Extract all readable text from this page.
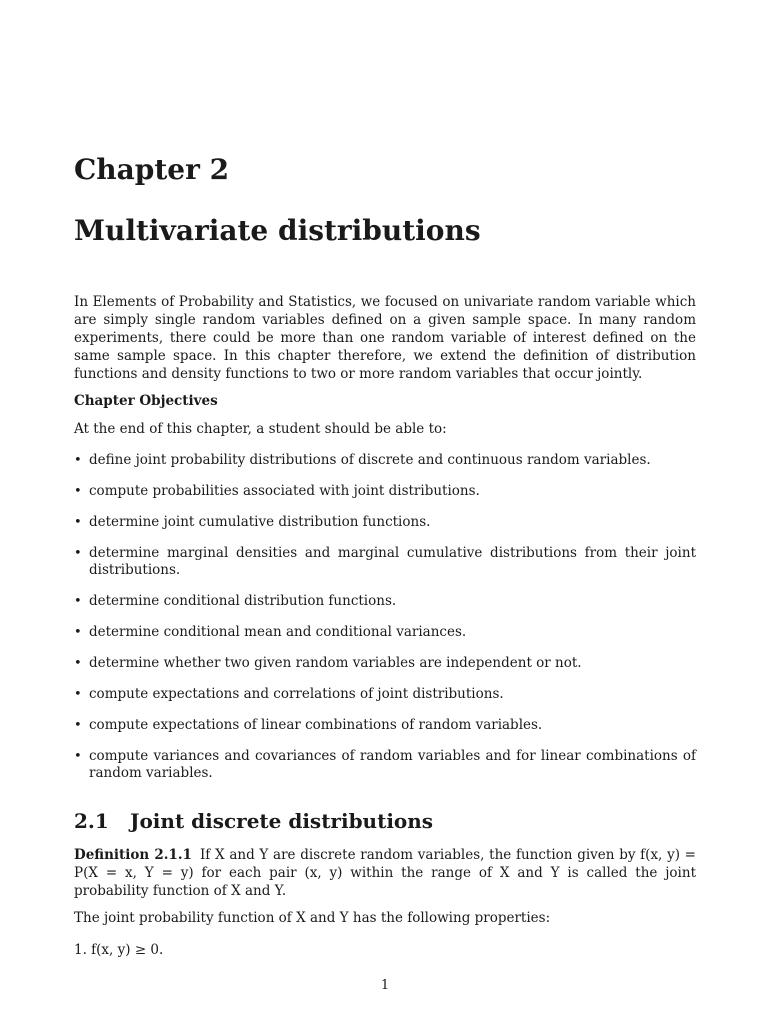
Chapter 2
Multivariate distributions

In Elements of Probability and Statistics, we focused on univariate random variable which are simply single random variables defined on a given sample space. In many random experiments, there could be more than one random variable of interest defined on the same sample space. In this chapter therefore, we extend the definition of distribution functions and density functions to two or more random variables that occur jointly.

Chapter Objectives

At the end of this chapter, a student should be able to:

• define joint probability distributions of discrete and continuous random variables.
• compute probabilities associated with joint distributions.
• determine joint cumulative distribution functions.
• determine marginal densities and marginal cumulative distributions from their joint distributions.
• determine conditional distribution functions.
• determine conditional mean and conditional variances.
• determine whether two given random variables are independent or not.
• compute expectations and correlations of joint distributions.
• compute expectations of linear combinations of random variables.
• compute variances and covariances of random variables and for linear combinations of random variables.
2.1 Joint discrete distributions

Definition 2.1.1 If X and Y are discrete random variables, the function given by f(x, y) = P(X = x, Y = y) for each pair (x, y) within the range of X and Y is called the joint probability function of X and Y.

The joint probability function of X and Y has the following properties:

1. f(x, y) ≥ 0.

1
